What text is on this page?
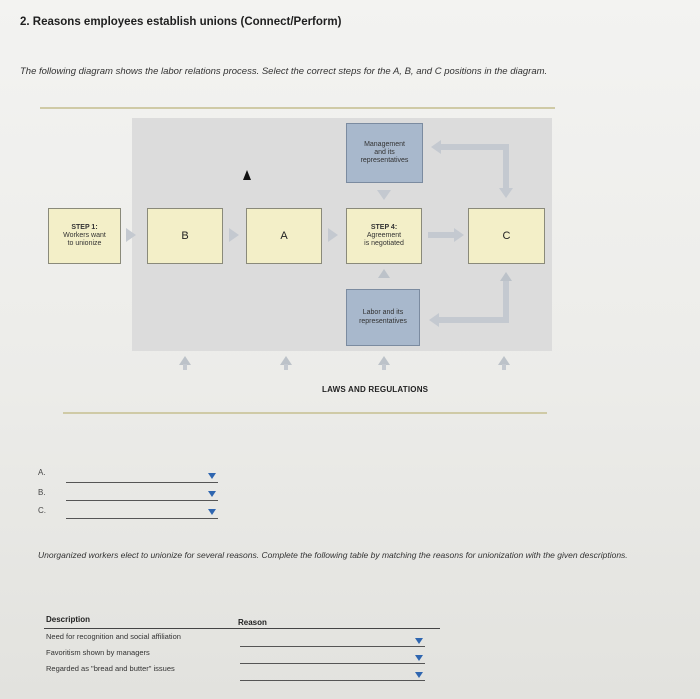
2. Reasons employees establish unions (Connect/Perform)
The following diagram shows the labor relations process. Select the correct steps for the A, B, and C positions in the diagram.
Management
and its
representatives
STEP 1:
Workers want
to unionize
B	A
STEP 4:
Agreement
is negotiated
C
Labor and its
representatives
LAWS AND REGULATIONS
A.
B.
C.
Unorganized workers elect to unionize for several reasons. Complete the following table by matching the reasons for unionization with the given descriptions.
Description	Reason
Need for recognition and social affiliation
Favoritism shown by managers
Regarded as "bread and butter" issues
